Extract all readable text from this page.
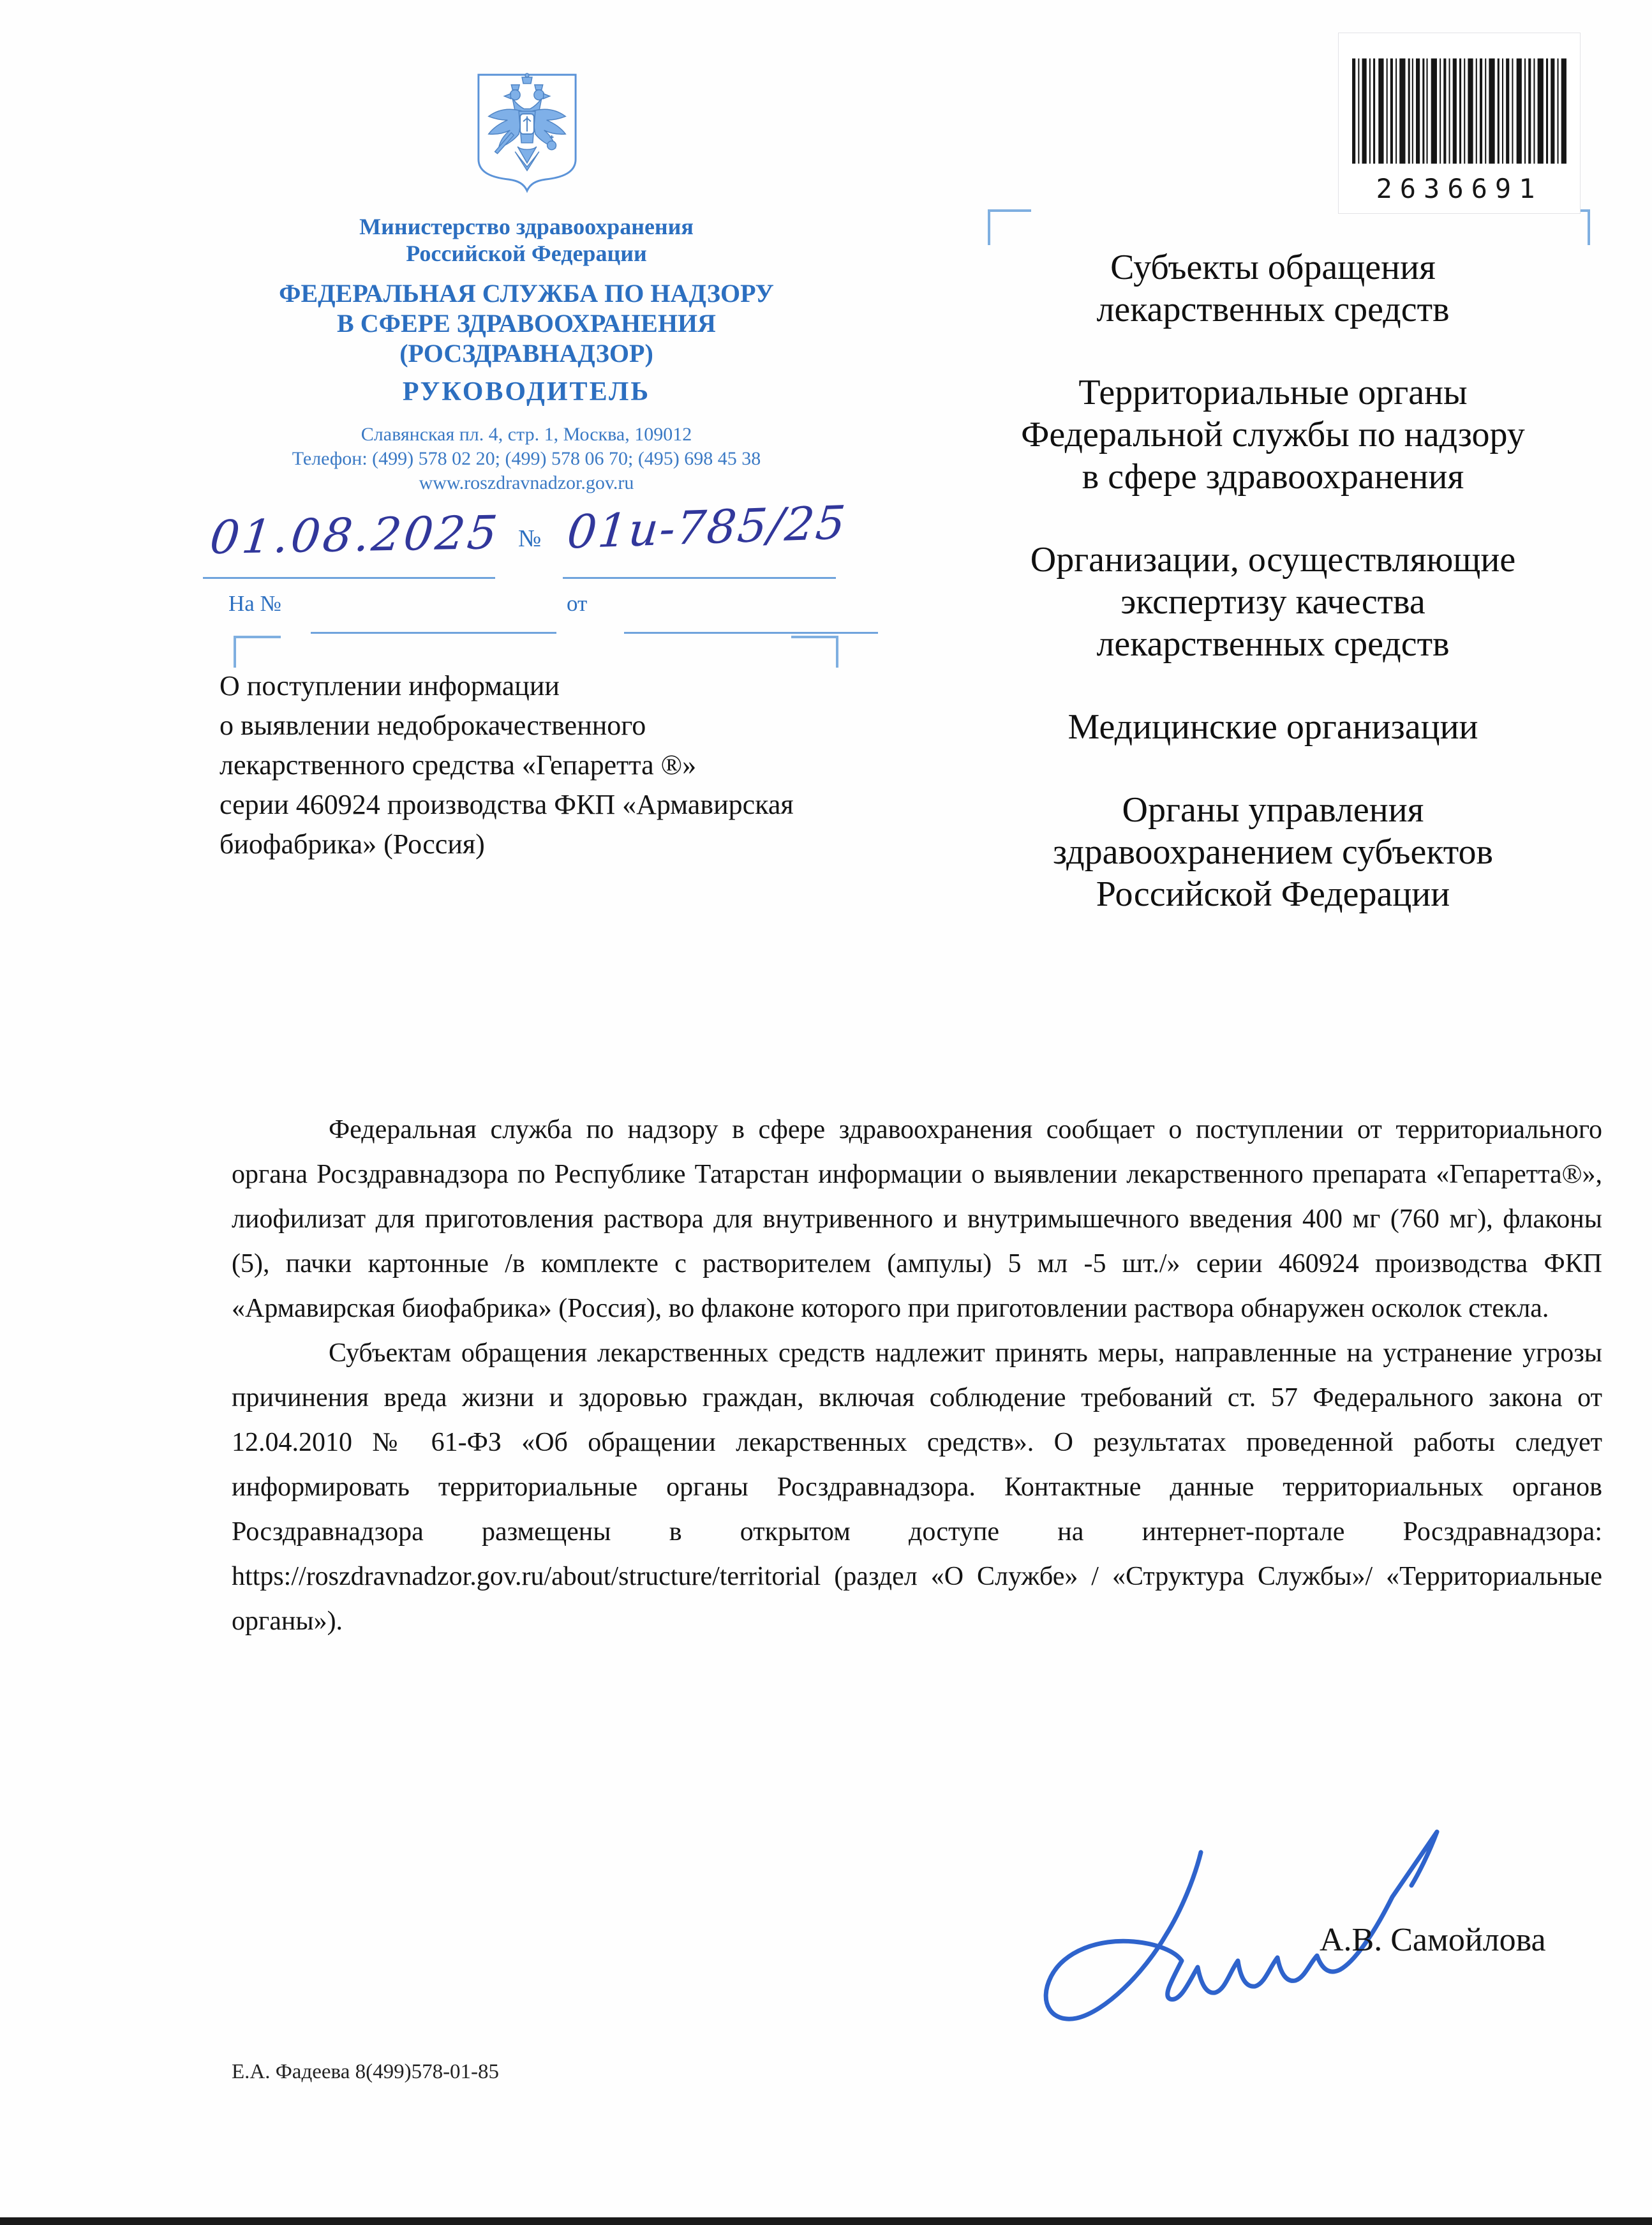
Министерство здравоохранения
Российской Федерации
ФЕДЕРАЛЬНАЯ СЛУЖБА ПО НАДЗОРУ
В СФЕРЕ ЗДРАВООХРАНЕНИЯ
(РОСЗДРАВНАДЗОР)
РУКОВОДИТЕЛЬ
Славянская пл. 4, стр. 1, Москва, 109012
Телефон: (499) 578 02 20; (499) 578 06 70; (495) 698 45 38
www.roszdravnadzor.gov.ru
01.08.2025 № 01и-785/25
На №	от
О поступлении информации
о выявлении недоброкачественного
лекарственного средства «Гепаретта ®»
серии 460924 производства ФКП «Армавирская
биофабрика» (Россия)
2636691
Субъекты обращения
лекарственных средств
Территориальные органы
Федеральной службы по надзору
в сфере здравоохранения
Организации, осуществляющие
экспертизу качества
лекарственных средств
Медицинские организации
Органы управления
здравоохранением субъектов
Российской Федерации

Федеральная служба по надзору в сфере здравоохранения сообщает о поступлении от территориального органа Росздравнадзора по Республике Татарстан информации о выявлении лекарственного препарата «Гепаретта®», лиофилизат для приготовления раствора для внутривенного и внутримышечного введения 400 мг (760 мг), флаконы (5), пачки картонные /в комплекте с растворителем (ампулы) 5 мл -5 шт./» серии 460924 производства ФКП «Армавирская биофабрика» (Россия), во флаконе которого при приготовлении раствора обнаружен осколок стекла.

Субъектам обращения лекарственных средств надлежит принять меры, направленные на устранение угрозы причинения вреда жизни и здоровью граждан, включая соблюдение требований ст. 57 Федерального закона от 12.04.2010 № 61-ФЗ «Об обращении лекарственных средств». О результатах проведенной работы следует информировать территориальные органы Росздравнадзора. Контактные данные территориальных органов Росздравнадзора размещены в открытом доступе на интернет-портале Росздравнадзора: https://roszdravnadzor.gov.ru/about/structure/territorial (раздел «О Службе» / «Структура Службы»/ «Территориальные органы»).

А.В. Самойлова
Е.А. Фадеева 8(499)578-01-85
